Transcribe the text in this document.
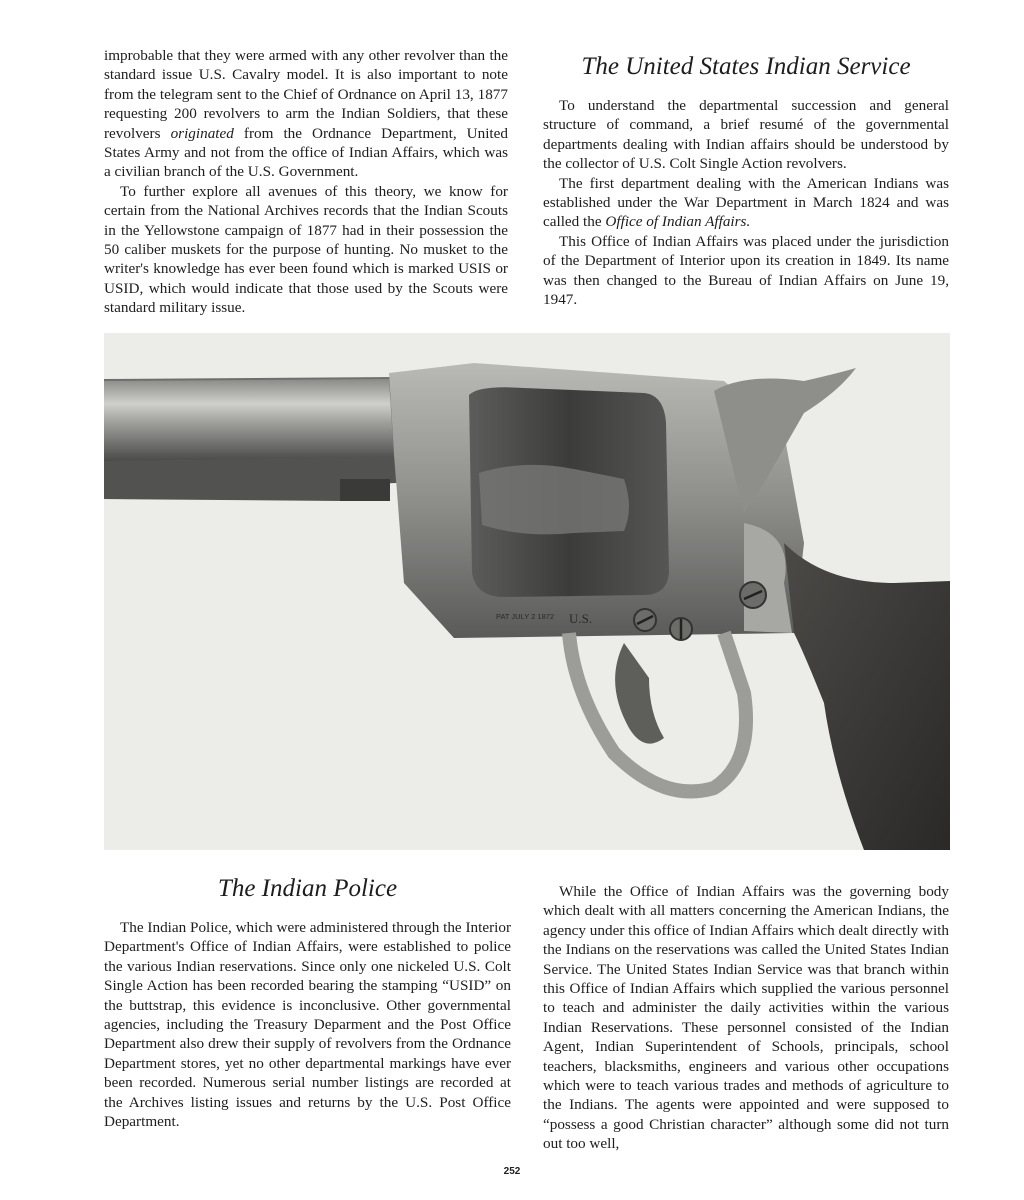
improbable that they were armed with any other revolver than the standard issue U.S. Cavalry model. It is also important to note from the telegram sent to the Chief of Ordnance on April 13, 1877 requesting 200 revolvers to arm the Indian Soldiers, that these revolvers originated from the Ordnance Department, United States Army and not from the office of Indian Affairs, which was a civilian branch of the U.S. Government.

To further explore all avenues of this theory, we know for certain from the National Archives records that the Indian Scouts in the Yellowstone campaign of 1877 had in their possession the 50 caliber muskets for the purpose of hunting. No musket to the writer's knowledge has ever been found which is marked USIS or USID, which would indicate that those used by the Scouts were standard military issue.

The United States Indian Service

To understand the departmental succession and general structure of command, a brief resumé of the governmental departments dealing with Indian affairs should be understood by the collector of U.S. Colt Single Action revolvers.

The first department dealing with the American Indians was established under the War Department in March 1824 and was called the Office of Indian Affairs.

This Office of Indian Affairs was placed under the jurisdiction of the Department of Interior upon its creation in 1849. Its name was then changed to the Bureau of Indian Affairs on June 19, 1947.

PAT JULY 2 1872 U.S.

The Indian Police

The Indian Police, which were administered through the Interior Department's Office of Indian Affairs, were established to police the various Indian reservations. Since only one nickeled U.S. Colt Single Action has been recorded bearing the stamping “USID” on the buttstrap, this evidence is inconclusive. Other governmental agencies, including the Treasury Deparment and the Post Office Department also drew their supply of revolvers from the Ordnance Department stores, yet no other departmental markings have ever been recorded. Numerous serial number listings are recorded at the Archives listing issues and returns by the U.S. Post Office Department.

While the Office of Indian Affairs was the governing body which dealt with all matters concerning the American Indians, the agency under this office of Indian Affairs which dealt directly with the Indians on the reservations was called the United States Indian Service. The United States Indian Service was that branch within this Office of Indian Affairs which supplied the various personnel to teach and administer the daily activities within the various Indian Reservations. These personnel consisted of the Indian Agent, Indian Superintendent of Schools, principals, school teachers, blacksmiths, engineers and various other occupations which were to teach various trades and methods of agriculture to the Indians. The agents were appointed and were supposed to “possess a good Christian character” although some did not turn out too well,

252
